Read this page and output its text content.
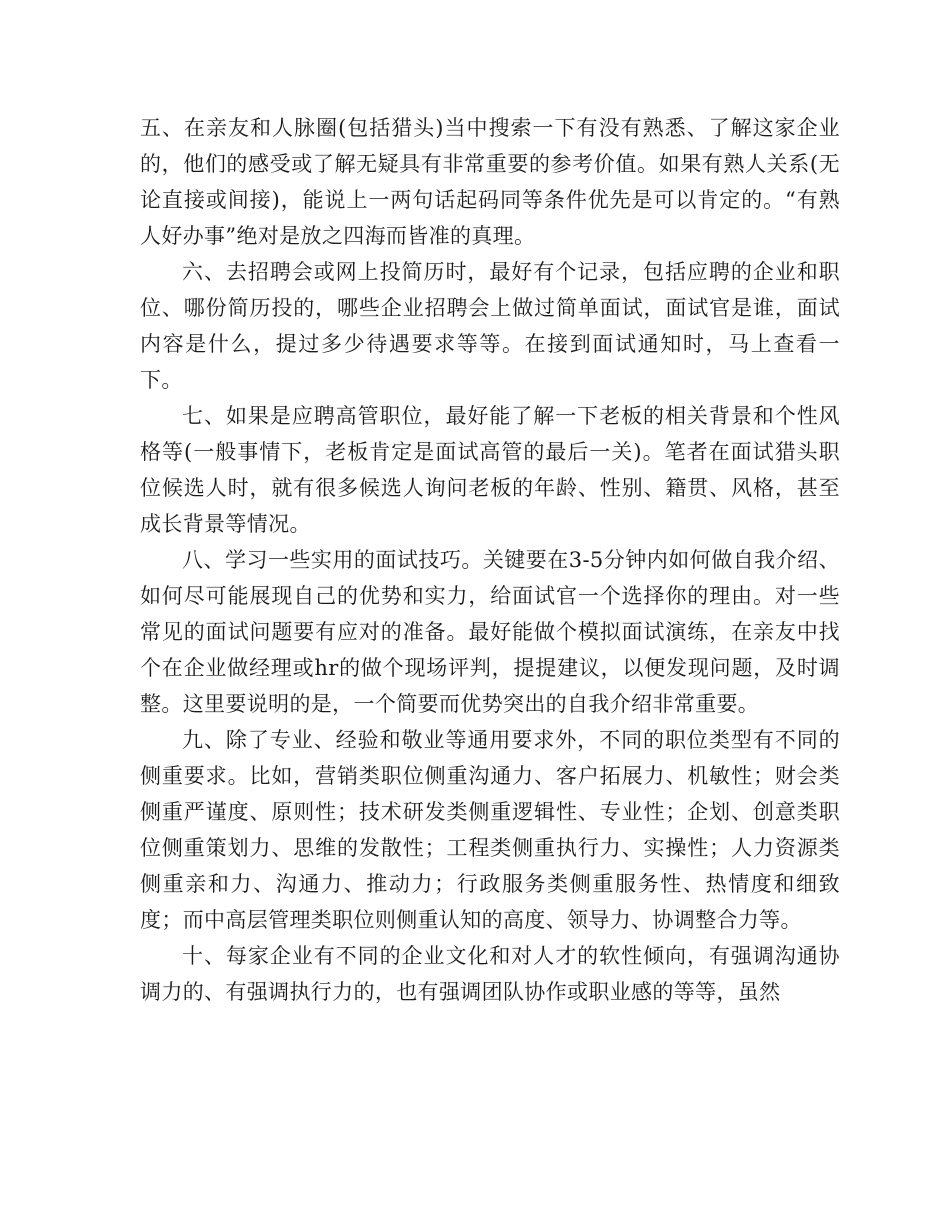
五、在亲友和人脉圈(包括猎头)当中搜索一下有没有熟悉、了解这家企业的，他们的感受或了解无疑具有非常重要的参考价值。如果有熟人关系(无论直接或间接)，能说上一两句话起码同等条件优先是可以肯定的。“有熟人好办事”绝对是放之四海而皆准的真理。

六、去招聘会或网上投简历时，最好有个记录，包括应聘的企业和职位、哪份简历投的，哪些企业招聘会上做过简单面试，面试官是谁，面试内容是什么，提过多少待遇要求等等。在接到面试通知时，马上查看一下。

七、如果是应聘高管职位，最好能了解一下老板的相关背景和个性风格等(一般事情下，老板肯定是面试高管的最后一关)。笔者在面试猎头职位候选人时，就有很多候选人询问老板的年龄、性别、籍贯、风格，甚至成长背景等情况。

八、学习一些实用的面试技巧。关键要在3-5分钟内如何做自我介绍、如何尽可能展现自己的优势和实力，给面试官一个选择你的理由。对一些常见的面试问题要有应对的准备。最好能做个模拟面试演练，在亲友中找个在企业做经理或hr的做个现场评判，提提建议，以便发现问题，及时调整。这里要说明的是，一个简要而优势突出的自我介绍非常重要。

九、除了专业、经验和敬业等通用要求外，不同的职位类型有不同的侧重要求。比如，营销类职位侧重沟通力、客户拓展力、机敏性；财会类侧重严谨度、原则性；技术研发类侧重逻辑性、专业性；企划、创意类职位侧重策划力、思维的发散性；工程类侧重执行力、实操性；人力资源类侧重亲和力、沟通力、推动力；行政服务类侧重服务性、热情度和细致度；而中高层管理类职位则侧重认知的高度、领导力、协调整合力等。

十、每家企业有不同的企业文化和对人才的软性倾向，有强调沟通协调力的、有强调执行力的，也有强调团队协作或职业感的等等，虽然
